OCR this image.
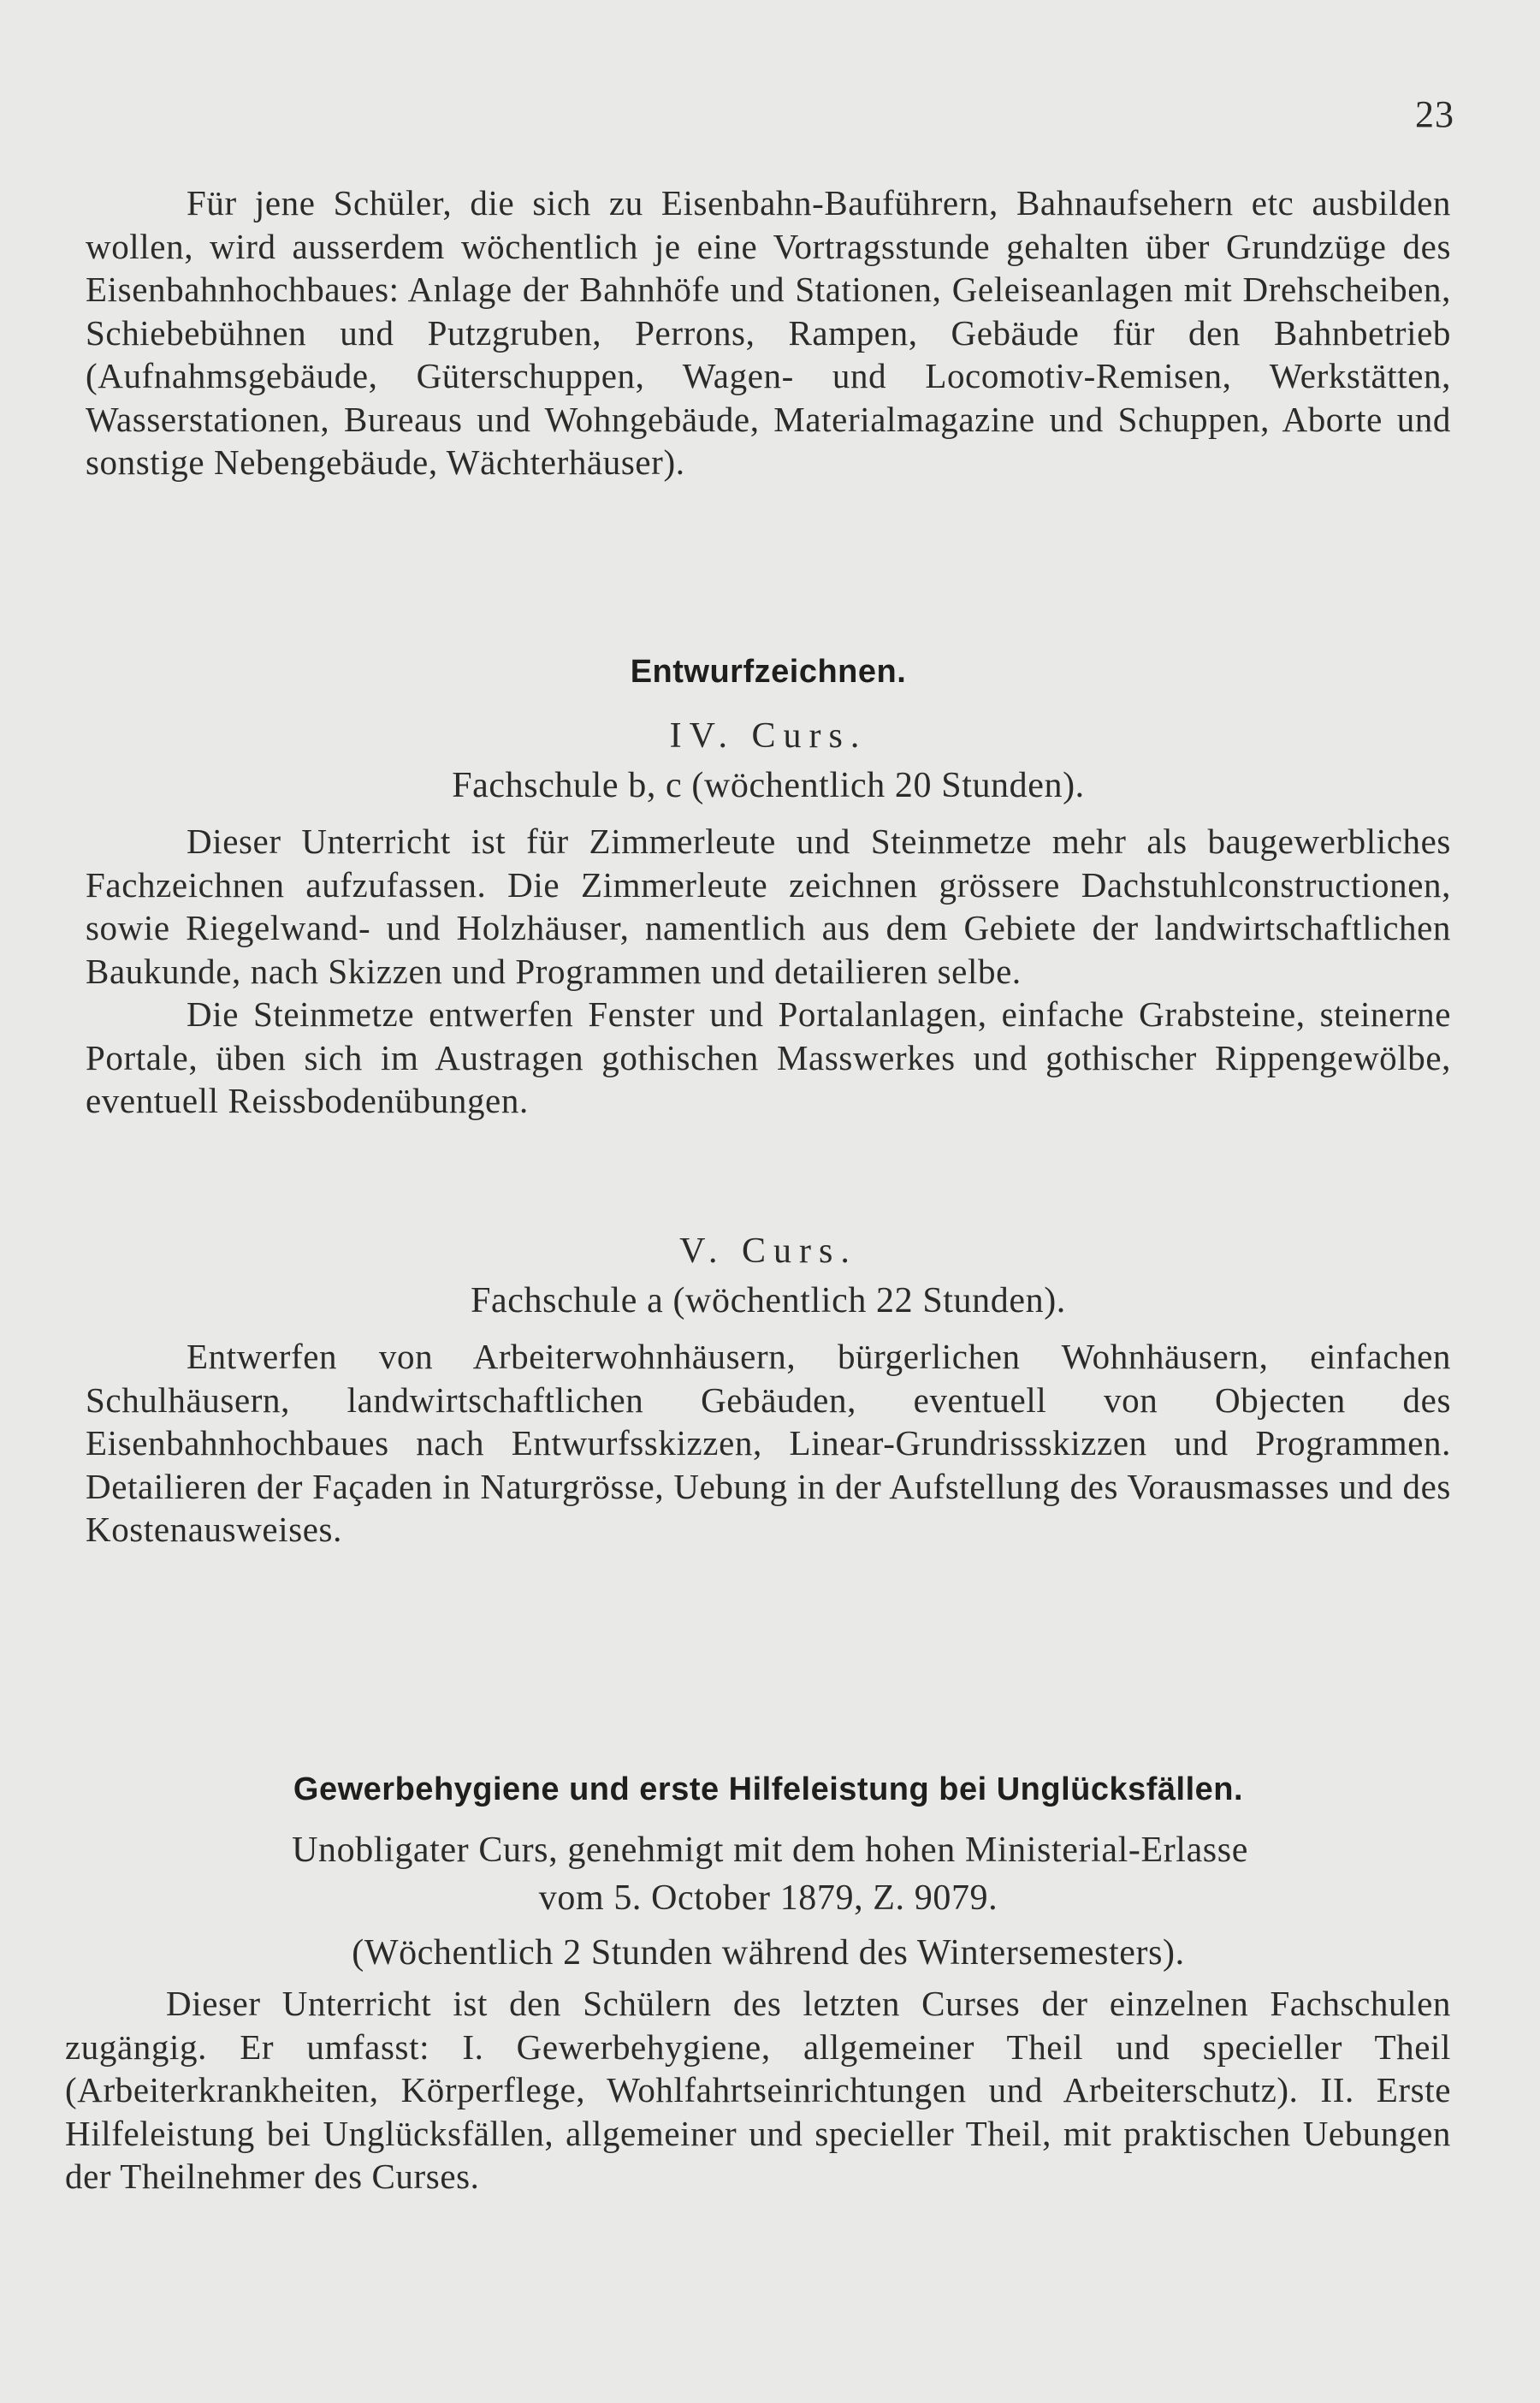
23

Für jene Schüler, die sich zu Eisenbahn-Bauführern, Bahnaufsehern etc ausbilden wollen, wird ausserdem wöchentlich je eine Vortragsstunde gehalten über Grundzüge des Eisenbahnhochbaues: Anlage der Bahnhöfe und Stationen, Geleiseanlagen mit Drehscheiben, Schiebebühnen und Putzgruben, Perrons, Rampen, Gebäude für den Bahnbetrieb (Aufnahmsgebäude, Güterschuppen, Wagen- und Locomotiv-Remisen, Werkstätten, Wasserstationen, Bureaus und Wohngebäude, Materialmagazine und Schuppen, Aborte und sonstige Nebengebäude, Wächterhäuser).

Entwurfzeichnen.
IV. Curs.
Fachschule b, c (wöchentlich 20 Stunden).

Dieser Unterricht ist für Zimmerleute und Steinmetze mehr als baugewerbliches Fachzeichnen aufzufassen. Die Zimmerleute zeichnen grössere Dachstuhlconstructionen, sowie Riegelwand- und Holzhäuser, namentlich aus dem Gebiete der landwirtschaftlichen Baukunde, nach Skizzen und Programmen und detailieren selbe.

Die Steinmetze entwerfen Fenster und Portalanlagen, einfache Grabsteine, steinerne Portale, üben sich im Austragen gothischen Masswerkes und gothischer Rippengewölbe, eventuell Reissbodenübungen.

V. Curs.
Fachschule a (wöchentlich 22 Stunden).

Entwerfen von Arbeiterwohnhäusern, bürgerlichen Wohnhäusern, einfachen Schulhäusern, landwirtschaftlichen Gebäuden, eventuell von Objecten des Eisenbahnhochbaues nach Entwurfsskizzen, Linear-Grundrissskizzen und Programmen. Detailieren der Façaden in Naturgrösse, Uebung in der Aufstellung des Vorausmasses und des Kostenausweises.

Gewerbehygiene und erste Hilfeleistung bei Unglücksfällen.
Unobligater Curs, genehmigt mit dem hohen Ministerial-Erlasse
vom 5. October 1879, Z. 9079.
(Wöchentlich 2 Stunden während des Wintersemesters).

Dieser Unterricht ist den Schülern des letzten Curses der einzelnen Fachschulen zugängig. Er umfasst: I. Gewerbehygiene, allgemeiner Theil und specieller Theil (Arbeiterkrankheiten, Körperflege, Wohlfahrtseinrichtungen und Arbeiterschutz). II. Erste Hilfeleistung bei Unglücksfällen, allgemeiner und specieller Theil, mit praktischen Uebungen der Theilnehmer des Curses.
